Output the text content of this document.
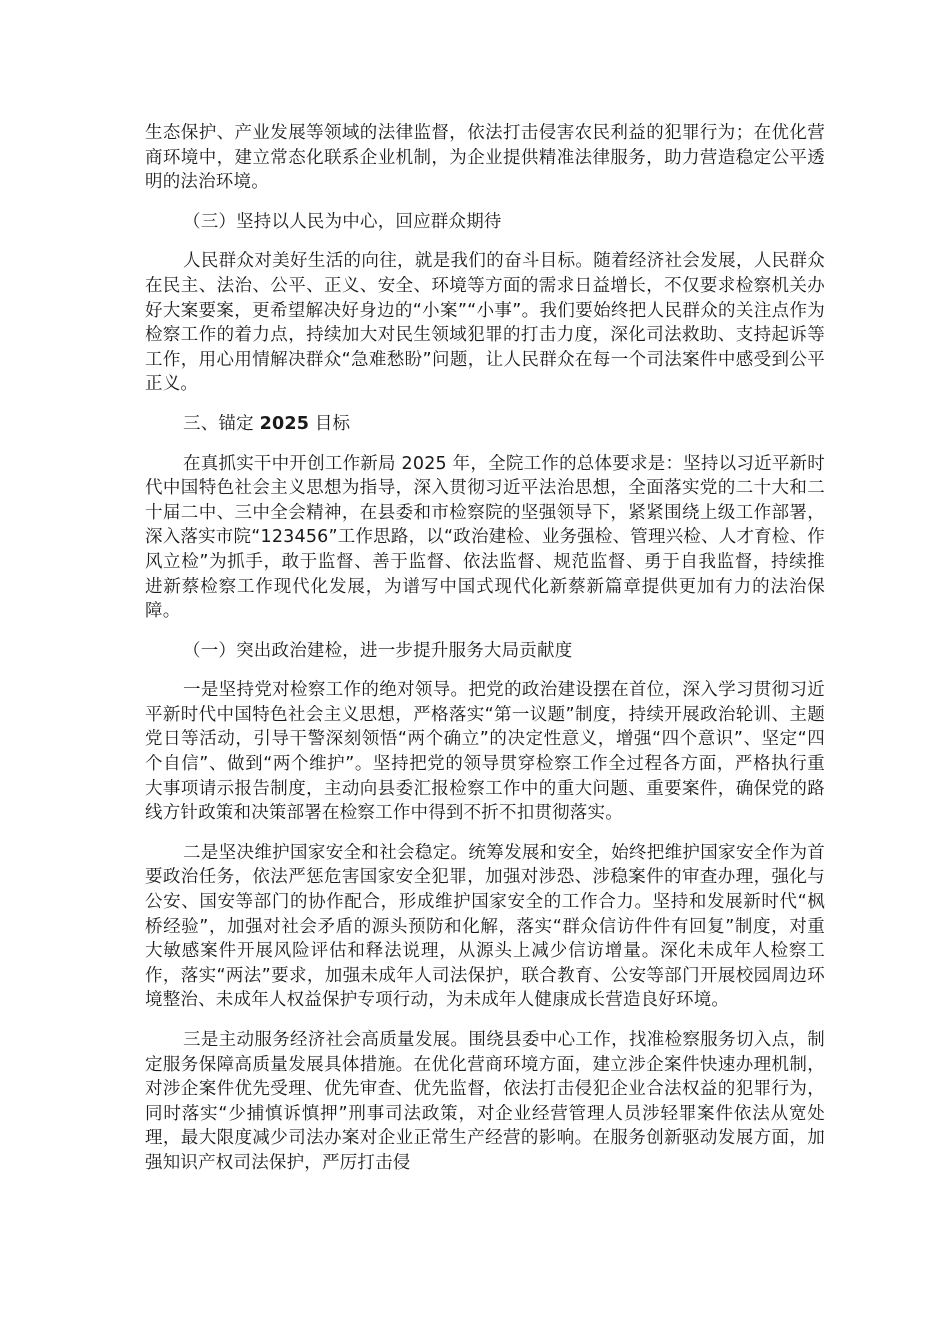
生态保护、产业发展等领域的法律监督，依法打击侵害农民利益的犯罪行为；在优化营商环境中，建立常态化联系企业机制，为企业提供精准法律服务，助力营造稳定公平透明的法治环境。

（三）坚持以人民为中心，回应群众期待

人民群众对美好生活的向往，就是我们的奋斗目标。随着经济社会发展，人民群众在民主、法治、公平、正义、安全、环境等方面的需求日益增长，不仅要求检察机关办好大案要案，更希望解决好身边的“小案”“小事”。我们要始终把人民群众的关注点作为检察工作的着力点，持续加大对民生领域犯罪的打击力度，深化司法救助、支持起诉等工作，用心用情解决群众“急难愁盼”问题，让人民群众在每一个司法案件中感受到公平正义。

三、锚定 2025 目标

在真抓实干中开创工作新局 2025 年，全院工作的总体要求是：坚持以习近平新时代中国特色社会主义思想为指导，深入贯彻习近平法治思想，全面落实党的二十大和二十届二中、三中全会精神，在县委和市检察院的坚强领导下，紧紧围绕上级工作部署，深入落实市院“123456”工作思路，以“政治建检、业务强检、管理兴检、人才育检、作风立检”为抓手，敢于监督、善于监督、依法监督、规范监督、勇于自我监督，持续推进新蔡检察工作现代化发展，为谱写中国式现代化新蔡新篇章提供更加有力的法治保障。

（一）突出政治建检，进一步提升服务大局贡献度

一是坚持党对检察工作的绝对领导。把党的政治建设摆在首位，深入学习贯彻习近平新时代中国特色社会主义思想，严格落实“第一议题”制度，持续开展政治轮训、主题党日等活动，引导干警深刻领悟“两个确立”的决定性意义，增强“四个意识”、坚定“四个自信”、做到“两个维护”。坚持把党的领导贯穿检察工作全过程各方面，严格执行重大事项请示报告制度，主动向县委汇报检察工作中的重大问题、重要案件，确保党的路线方针政策和决策部署在检察工作中得到不折不扣贯彻落实。

二是坚决维护国家安全和社会稳定。统筹发展和安全，始终把维护国家安全作为首要政治任务，依法严惩危害国家安全犯罪，加强对涉恐、涉稳案件的审查办理，强化与公安、国安等部门的协作配合，形成维护国家安全的工作合力。坚持和发展新时代“枫桥经验”，加强对社会矛盾的源头预防和化解，落实“群众信访件件有回复”制度，对重大敏感案件开展风险评估和释法说理，从源头上减少信访增量。深化未成年人检察工作，落实“两法”要求，加强未成年人司法保护，联合教育、公安等部门开展校园周边环境整治、未成年人权益保护专项行动，为未成年人健康成长营造良好环境。

三是主动服务经济社会高质量发展。围绕县委中心工作，找准检察服务切入点，制定服务保障高质量发展具体措施。在优化营商环境方面，建立涉企案件快速办理机制，对涉企案件优先受理、优先审查、优先监督，依法打击侵犯企业合法权益的犯罪行为，同时落实“少捕慎诉慎押”刑事司法政策，对企业经营管理人员涉轻罪案件依法从宽处理，最大限度减少司法办案对企业正常生产经营的影响。在服务创新驱动发展方面，加强知识产权司法保护，严厉打击侵
